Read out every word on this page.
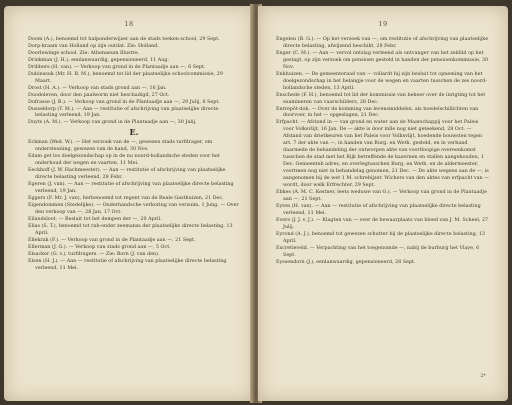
18

Doom (A.), benoemd tot hulponderwijzer aan de stads teeken-school, 29 Sept.

Dorp-kraam van Holland op zijn outdat. Zie: Holland.

Doorlewinge school. Zie: Athenaeum Illustre.

Drinkman (J. H.), eenlanwaardig, gepensioneerd, 11 Aug.

Dribbers (H. van). — Verkoop van grond in de Plantaadje aan —, 6 Sept.

Dubinssuk (Mr. H. B. M.), benoemd tot lid der plaatselijke schoolcommissie, 29 Maart.

Drost (H. A.). — Verkoop van stads grond aan —, 16 Jan.

Duodoleven, door den paalworm niet beschadigd, 27 Oct.

Dufrasse (J. B.). — Verkoop van grond in de Plantaadje aan —, 29 Julij, 6 Sept.

Dusseldorp (T. M.). — Aan — restitutie of afschrijving van plaatselijke directe belasting verleend, 19 Jan.

Duyts (A. M.). — Verkoop van grond in de Plantaadje aan —, 30 Julij.

E.

Eckman (Wed. W.). — Het verzoek van de —, gewezen stads turfdrager, om ondersteuning, gewezen van de hand, 30 Nov.

Edam get los doelgezondschap op in de nu noord-hollandsche steden voor het onderhoud der wegen en vaarten, 11 Mei.

Eeckhoff (J. W. Hachmeester). — Aan — restitutie of afschrijving van plaatselijke directe belasting verleend, 28 Febr.

Egeren (J. van). — Aan — restitutie of afschrijving van plaatselijke directe belasting verleend, 19 Jan.

Eggers (F. Mr. J. van), herbenoemd tot regent van de Reale Gasthuizen, 21 Dec.

Eigendommen (Stedelijke). — Onderhandsche verkoring van verzuim, 1 Jung. — Over den verkoop van —, 28 Jan. 17 Oct.

Eilandsloot. — Besluit tot het dempen der —, 20 April.

Elias (S. T.), benoemd tot rab-onder zeemanss der plaatselijke directe belasting, 13 April.

Ellekrak (F.). — Verkoop van grond in de Plantaadje aan —, 21 Sept.

Ellerman (J. G.). — Verkoop van stads grond aan —, 5 Oct.

Elsacker (G. v.), turfdragers. — Zie: Born (J. van den).

Elsen (H. J.). — Aan — restitutie of afschrijving van plaatselijke directe belasting verleend, 11 Mei.

19

Engelen (B. G.). — Op het verzoek van —, om restitutie of afschrijving van plaatselijke directe belasting, afwijzend beschikt, 28 Febr.

Enger (C. M.). — Aan — vervol ontslag verleend als ontvanger van het zeldild op het gestagt, op zijn verzoek om pensioen gesteld in handen der pensioenkommissie, 30 Nov.

Enkhuizen. — De gemeenteraad van — vollardt bij zijn besluit tot opneming van het doelgezondschap in het belangje voor de wegen en vaarten tusschen de zes noord-hollandsche steden, 13 April.

Enschede (F. H.), benoemd tot lid der kommissie van beheer over de inrigting tot het examineren van vaarschilders, 28 Dec.

Entrepôt-dok. — Over de komming van levensmiddelen, als hoedelschillichten van doorvoer, in het — opgeslagen, 21 Dec.

Erfpacht. — Afstand in — van grond en water aan de Maatschappij voor het Paleis voor Volksvlijt, 16 Jan. De — akte is door mlle nog niet geteekend, 28 Oct. — Afstand van drietkeuren van het Paleis voor Volksvlijt, hoedende bouwsten tegen art. 7 der akte van —, in handen van Burg. en Weth. gesteld, en in verband daarmede de behandeling der ontworpen akte van voortloopige overeenkomst tusschen de stad met het Rijk betreffende de kazernen en stallen aangehouden, 1 Dec. Gemeenteb adres, en overlegtusschen Burg. en Weth. en de aldermeester, voortmen nog niet in behandelag genomen, 21 Dec. — De akte wegens aan de —, is aangenomen bij de wet 1 M. schrebijzer. Wichers van den aktes van erfpacht van — wordt, door welk Erfrechter, 29 Sept.

Ebkes (A. M. C. Kestner, leets weduwe van G.). — Verkoop van grond in de Plantaadje aan —, 21 Sept.

Eyten (H. van). — Aan — restitutie of afschrijving van plaatselijke directe belasting verleend, 11 Mei.

Evers (J. J. v. J.). — Klagten van — over de bewaarplaats van bloed van J. M. Scheel, 27 Julij.

Eyrond (A. J.), benoemd tot gewezen schutter bij de plaatselijke directe belasting, 13 April.

Excretieveld. — Verpachting van het toegenomde —, nabij de burburg het Vlaye, 6 Sept.

Eyssendorn (J.), eenlanwaardig, gepensioneerd, 28 Sept.

2*
